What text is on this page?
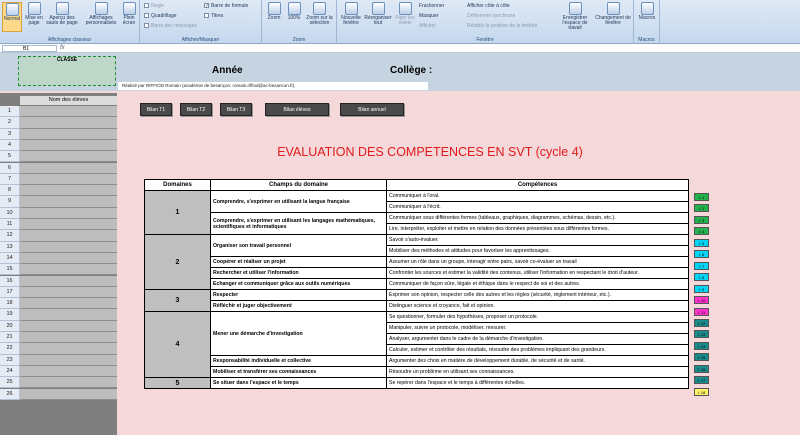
Normal	Mise en page
Aperçu des sauts de page
Affichages personnalisés
Plein écran
Affichages classeur
Règle
Quadrillage
Barre des messages
✓ Barre de formule
Titres
Afficher/Masquer
Zoom	100%	Zoom sur la sélection
Zoom
Nouvelle fenêtre
Réorganiser tout
Figer les volets
Fractionner
Masquer
Afficher
Afficher côte à côte
Défilement synchrone
Rétablir la position de la fenêtre
Enregistrer l'espace de travail
Changement de fenêtre
Fenêtre
Macros
Macros
B1	fx
CLASSE
Année	Collège :
Réalisé par RIFFIOD Romain (académie de besançon: romain.riffiod@ac-besancon.fr).
Nom des élèves
1
2
3
4
5
6
7
8
9
10
11
12
13
14
15
16
17
18
19
20
21
22
23
24
25
26
Bilan T1	Bilan T2	Bilan T3	Bilan élèves	Bilan annuel
EVALUATION DES COMPETENCES EN SVT (cycle 4)
Domaines	Champs du domaine	Compétences
1	Comprendre, s'exprimer en utilisant la langue française	Communiquer à l'oral.
		Communiquer à l'écrit.
	Comprendre, s'exprimer en utilisant les langages mathématiques, scientifiques et informatiques	Communiquer sous différentes formes (tableaux, graphiques, diagrammes, schémas, dessin, etc.).
		Lire, interpréter, exploiter et mettre en relation des données présentées sous différentes formes.
2	Organiser son travail personnel	Savoir s'auto-évaluer.
		Mobiliser des méthodes et attitudes pour favoriser les apprentissages.
	Coopérer et réaliser un projet	Assumer un rôle dans un groupe, interagir entre pairs, savoir co-évaluer un travail
	Rechercher et utiliser l'information	Confronter les sources et estimer la validité des contenus, utiliser l'information en respectant le droit d'auteur.
	Echanger et communiquer grâce aux outils numériques	Communiquer de façon sûre, légale et éthique dans le respect de soi et des autres.
3	Respecter	Exprimer son opinion, respecter celle des autres et les règles (sécurité, règlement intérieur, etc.).
	Réfléchir et juger objectivement	Distinguer science et croyance, fait et opinion.
4	Mener une démarche d'investigation	Se questionner, formuler des hypothèses, proposer un protocole.
		Manipuler, suivre un protocole, modéliser, mesurer.
		Analyser, argumenter dans le cadre de la démarche d'investigation.
		Calculer, estimer et contrôler des résultats, résoudre des problèmes impliquant des grandeurs.
	Responsabilité individuelle et collective	Argumenter des choix en matière de développement durable, de sécurité et de santé.
	Mobiliser et transférer ses connaissances	Résoudre un problème en utilisant ses connaissances.
5	Se situer dans l'espace et le temps	Se repérer dans l'espace et le temps à différentes échelles.
I. 1
I. 2
I. 3
I. 4
I. 5
I. 6
I. 7
I. 8
I. 9
I. 10
I. 11
I. 12
I. 13
I. 14
I. 15
I. 16
I. 17
I. 18
